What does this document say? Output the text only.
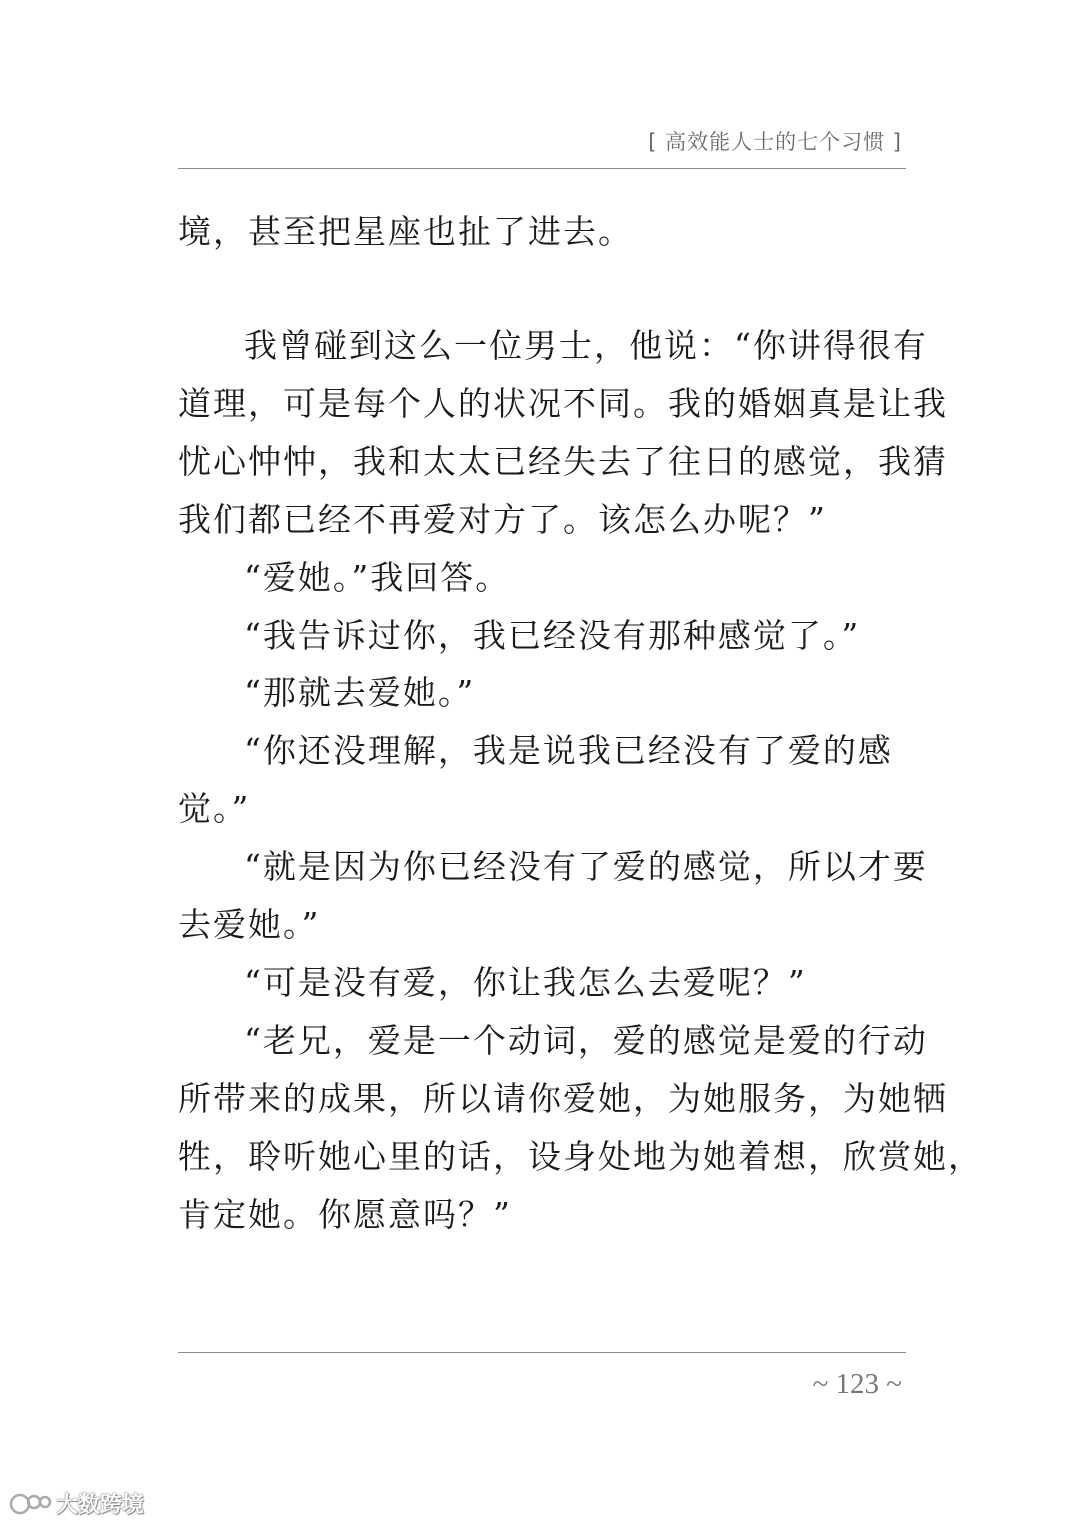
[ 高效能人士的七个习惯 ]
境，甚至把星座也扯了进去。
我曾碰到这么一位男士，他说：“你讲得很有
道理，可是每个人的状况不同。我的婚姻真是让我
忧心忡忡，我和太太已经失去了往日的感觉，我猜
我们都已经不再爱对方了。该怎么办呢？”
“爱她。”我回答。
“我告诉过你，我已经没有那种感觉了。”
“那就去爱她。”
“你还没理解，我是说我已经没有了爱的感
觉。”
“就是因为你已经没有了爱的感觉，所以才要
去爱她。”
“可是没有爱，你让我怎么去爱呢？”
“老兄，爱是一个动词，爱的感觉是爱的行动
所带来的成果，所以请你爱她，为她服务，为她牺
牲，聆听她心里的话，设身处地为她着想，欣赏她，
肯定她。你愿意吗？”
~ 123 ~
大数跨境
